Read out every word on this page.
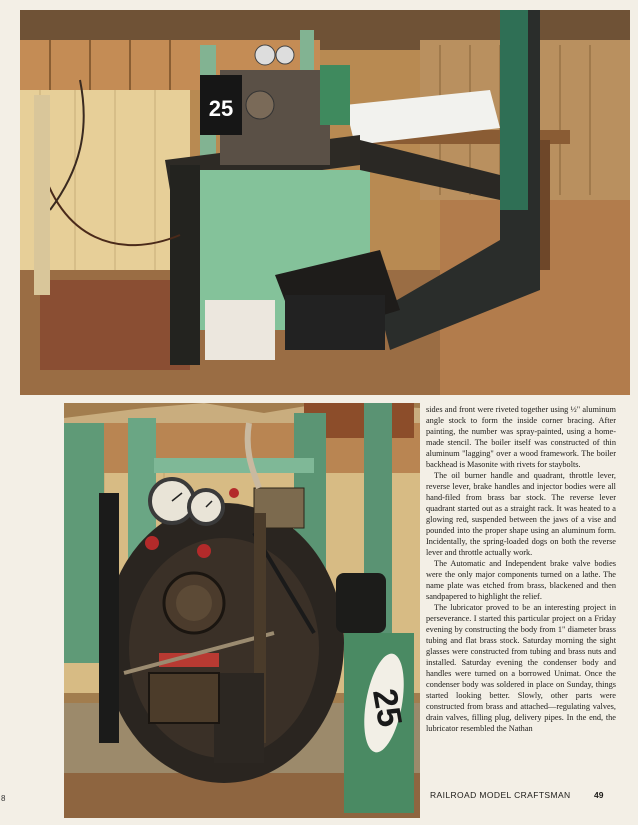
25
25

sides and front were riveted together using ½" aluminum angle stock to form the inside corner bracing. After painting, the number was spray-painted, using a home-made stencil. The boiler itself was constructed of thin aluminum "lagging" over a wood framework. The boiler backhead is Masonite with rivets for staybolts.

The oil burner handle and quadrant, throttle lever, reverse lever, brake handles and injector bodies were all hand-filed from brass bar stock. The reverse lever quadrant started out as a straight rack. It was heated to a glowing red, suspended between the jaws of a vise and pounded into the proper shape using an aluminum form. Incidentally, the spring-loaded dogs on both the reverse lever and throttle actually work.

The Automatic and Independent brake valve bodies were the only major components turned on a lathe. The name plate was etched from brass, blackened and then sandpapered to highlight the relief.

The lubricator proved to be an interesting project in perseverance. I started this particular project on a Friday evening by constructing the body from 1" diameter brass tubing and flat brass stock. Saturday morning the sight glasses were constructed from tubing and brass nuts and installed. Saturday evening the condenser body and handles were turned on a borrowed Unimat. Once the condenser body was soldered in place on Sunday, things started looking better. Slowly, other parts were constructed from brass and attached—regulating valves, drain valves, filling plug, delivery pipes. In the end, the lubricator resembled the Nathan

RAILROAD MODEL CRAFTSMAN	49
8
